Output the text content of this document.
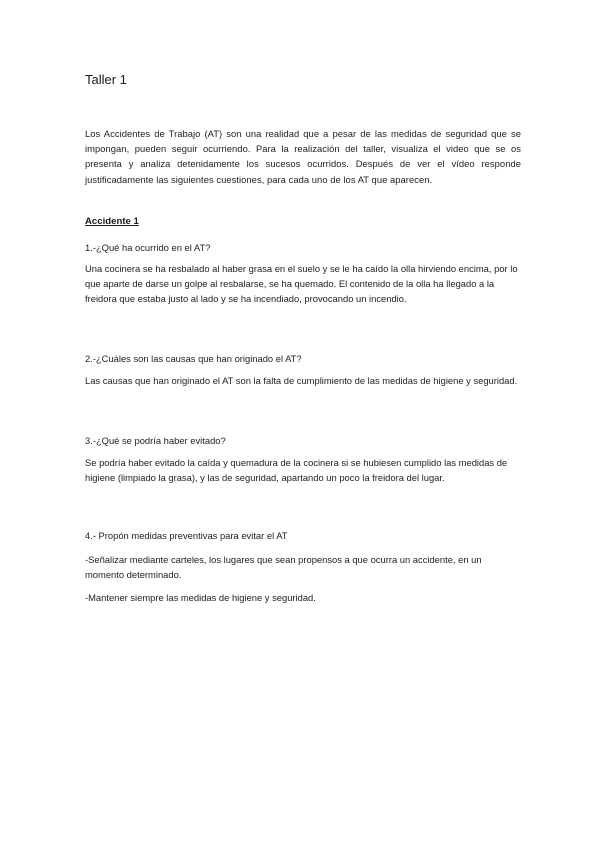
Taller 1

Los Accidentes de Trabajo (AT) son una realidad que a pesar de las medidas de seguridad que se impongan, pueden seguir ocurriendo. Para la realización del taller, visualiza el video que se os presenta y analiza detenidamente los sucesos ocurridos. Después de ver el vídeo responde justificadamente las siguientes cuestiones, para cada uno de los AT que aparecen.

Accidente 1
1.-¿Qué ha ocurrido en el AT?

Una cocinera se ha resbalado al haber grasa en el suelo y se le ha caído la olla hirviendo encima, por lo que aparte de darse un golpe al resbalarse, se ha quemado. El contenido de la olla ha llegado a la freidora que estaba justo al lado y se ha incendiado, provocando un incendio.

2.-¿Cuáles son las causas que han originado el AT?

Las causas que han originado el AT son la falta de cumplimiento de las medidas de higiene y seguridad.

3.-¿Qué se podría haber evitado?

Se podría haber evitado la caída y quemadura de la cocinera si se hubiesen cumplido las medidas de higiene (limpiado la grasa), y las de seguridad, apartando un poco la freidora del lugar.

4.- Propón medidas preventivas para evitar el AT

-Señalizar mediante carteles, los lugares que sean propensos a que ocurra un accidente, en un momento determinado.

-Mantener siempre las medidas de higiene y seguridad.
